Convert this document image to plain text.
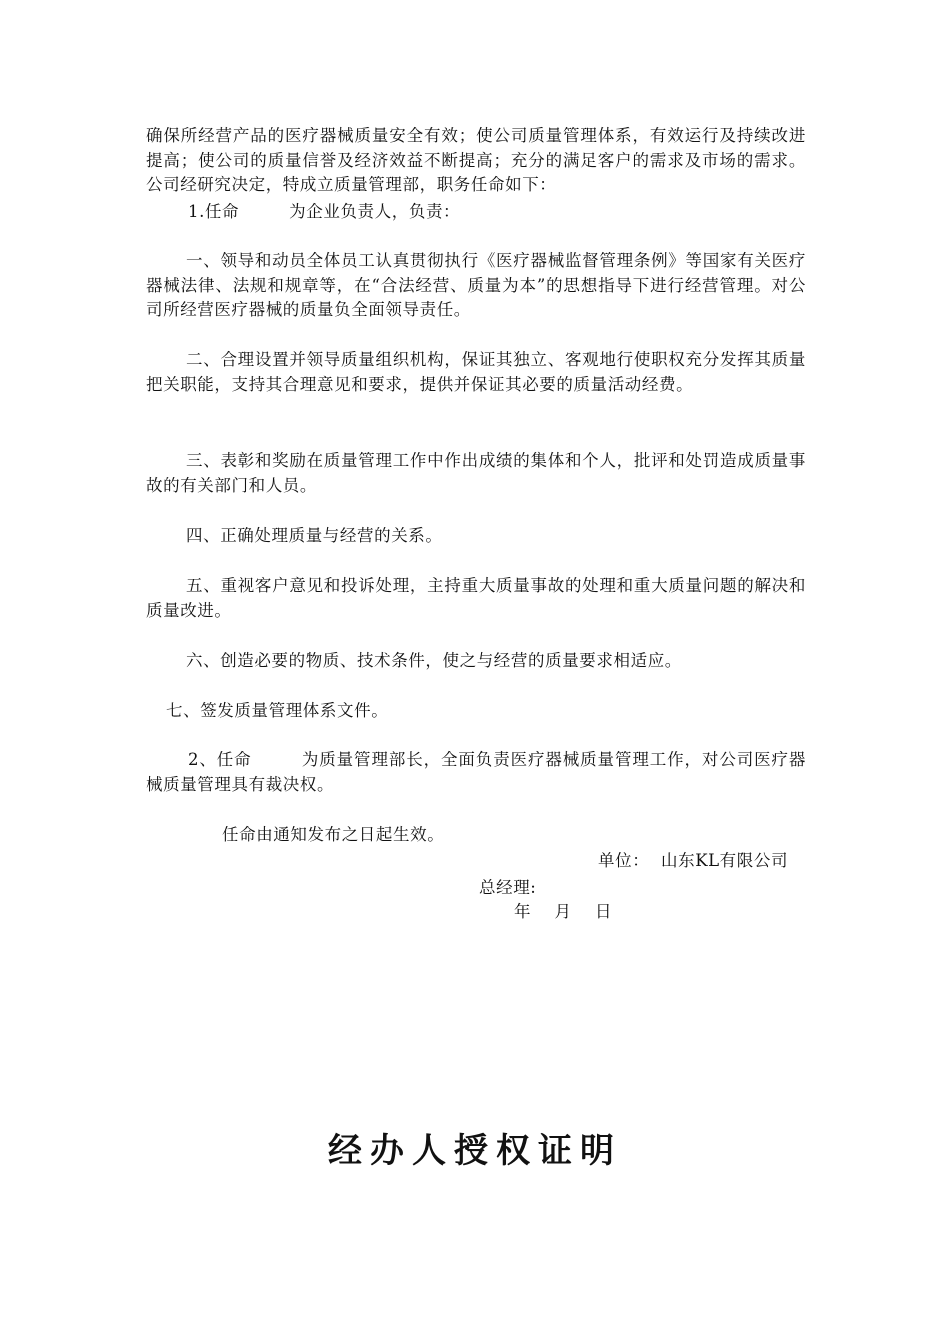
确保所经营产品的医疗器械质量安全有效；使公司质量管理体系，有效运行及持续改进提高；使公司的质量信誉及经济效益不断提高；充分的满足客户的需求及市场的需求。公司经研究决定，特成立质量管理部，职务任命如下：

1.任命	为企业负责人，负责：

一、领导和动员全体员工认真贯彻执行《医疗器械监督管理条例》等国家有关医疗器械法律、法规和规章等，在“合法经营、质量为本”的思想指导下进行经营管理。对公司所经营医疗器械的质量负全面领导责任。

二、合理设置并领导质量组织机构，保证其独立、客观地行使职权充分发挥其质量把关职能，支持其合理意见和要求，提供并保证其必要的质量活动经费。

三、表彰和奖励在质量管理工作中作出成绩的集体和个人，批评和处罚造成质量事故的有关部门和人员。

四、正确处理质量与经营的关系。

五、重视客户意见和投诉处理，主持重大质量事故的处理和重大质量问题的解决和质量改进。

六、创造必要的物质、技术条件，使之与经营的质量要求相适应。

七、签发质量管理体系文件。

2、任命	为质量管理部长，全面负责医疗器械质量管理工作，对公司医疗器械质量管理具有裁决权。

任命由通知发布之日起生效。

单位：  山东KL有限公司

总经理:

年    月    日

经办人授权证明
